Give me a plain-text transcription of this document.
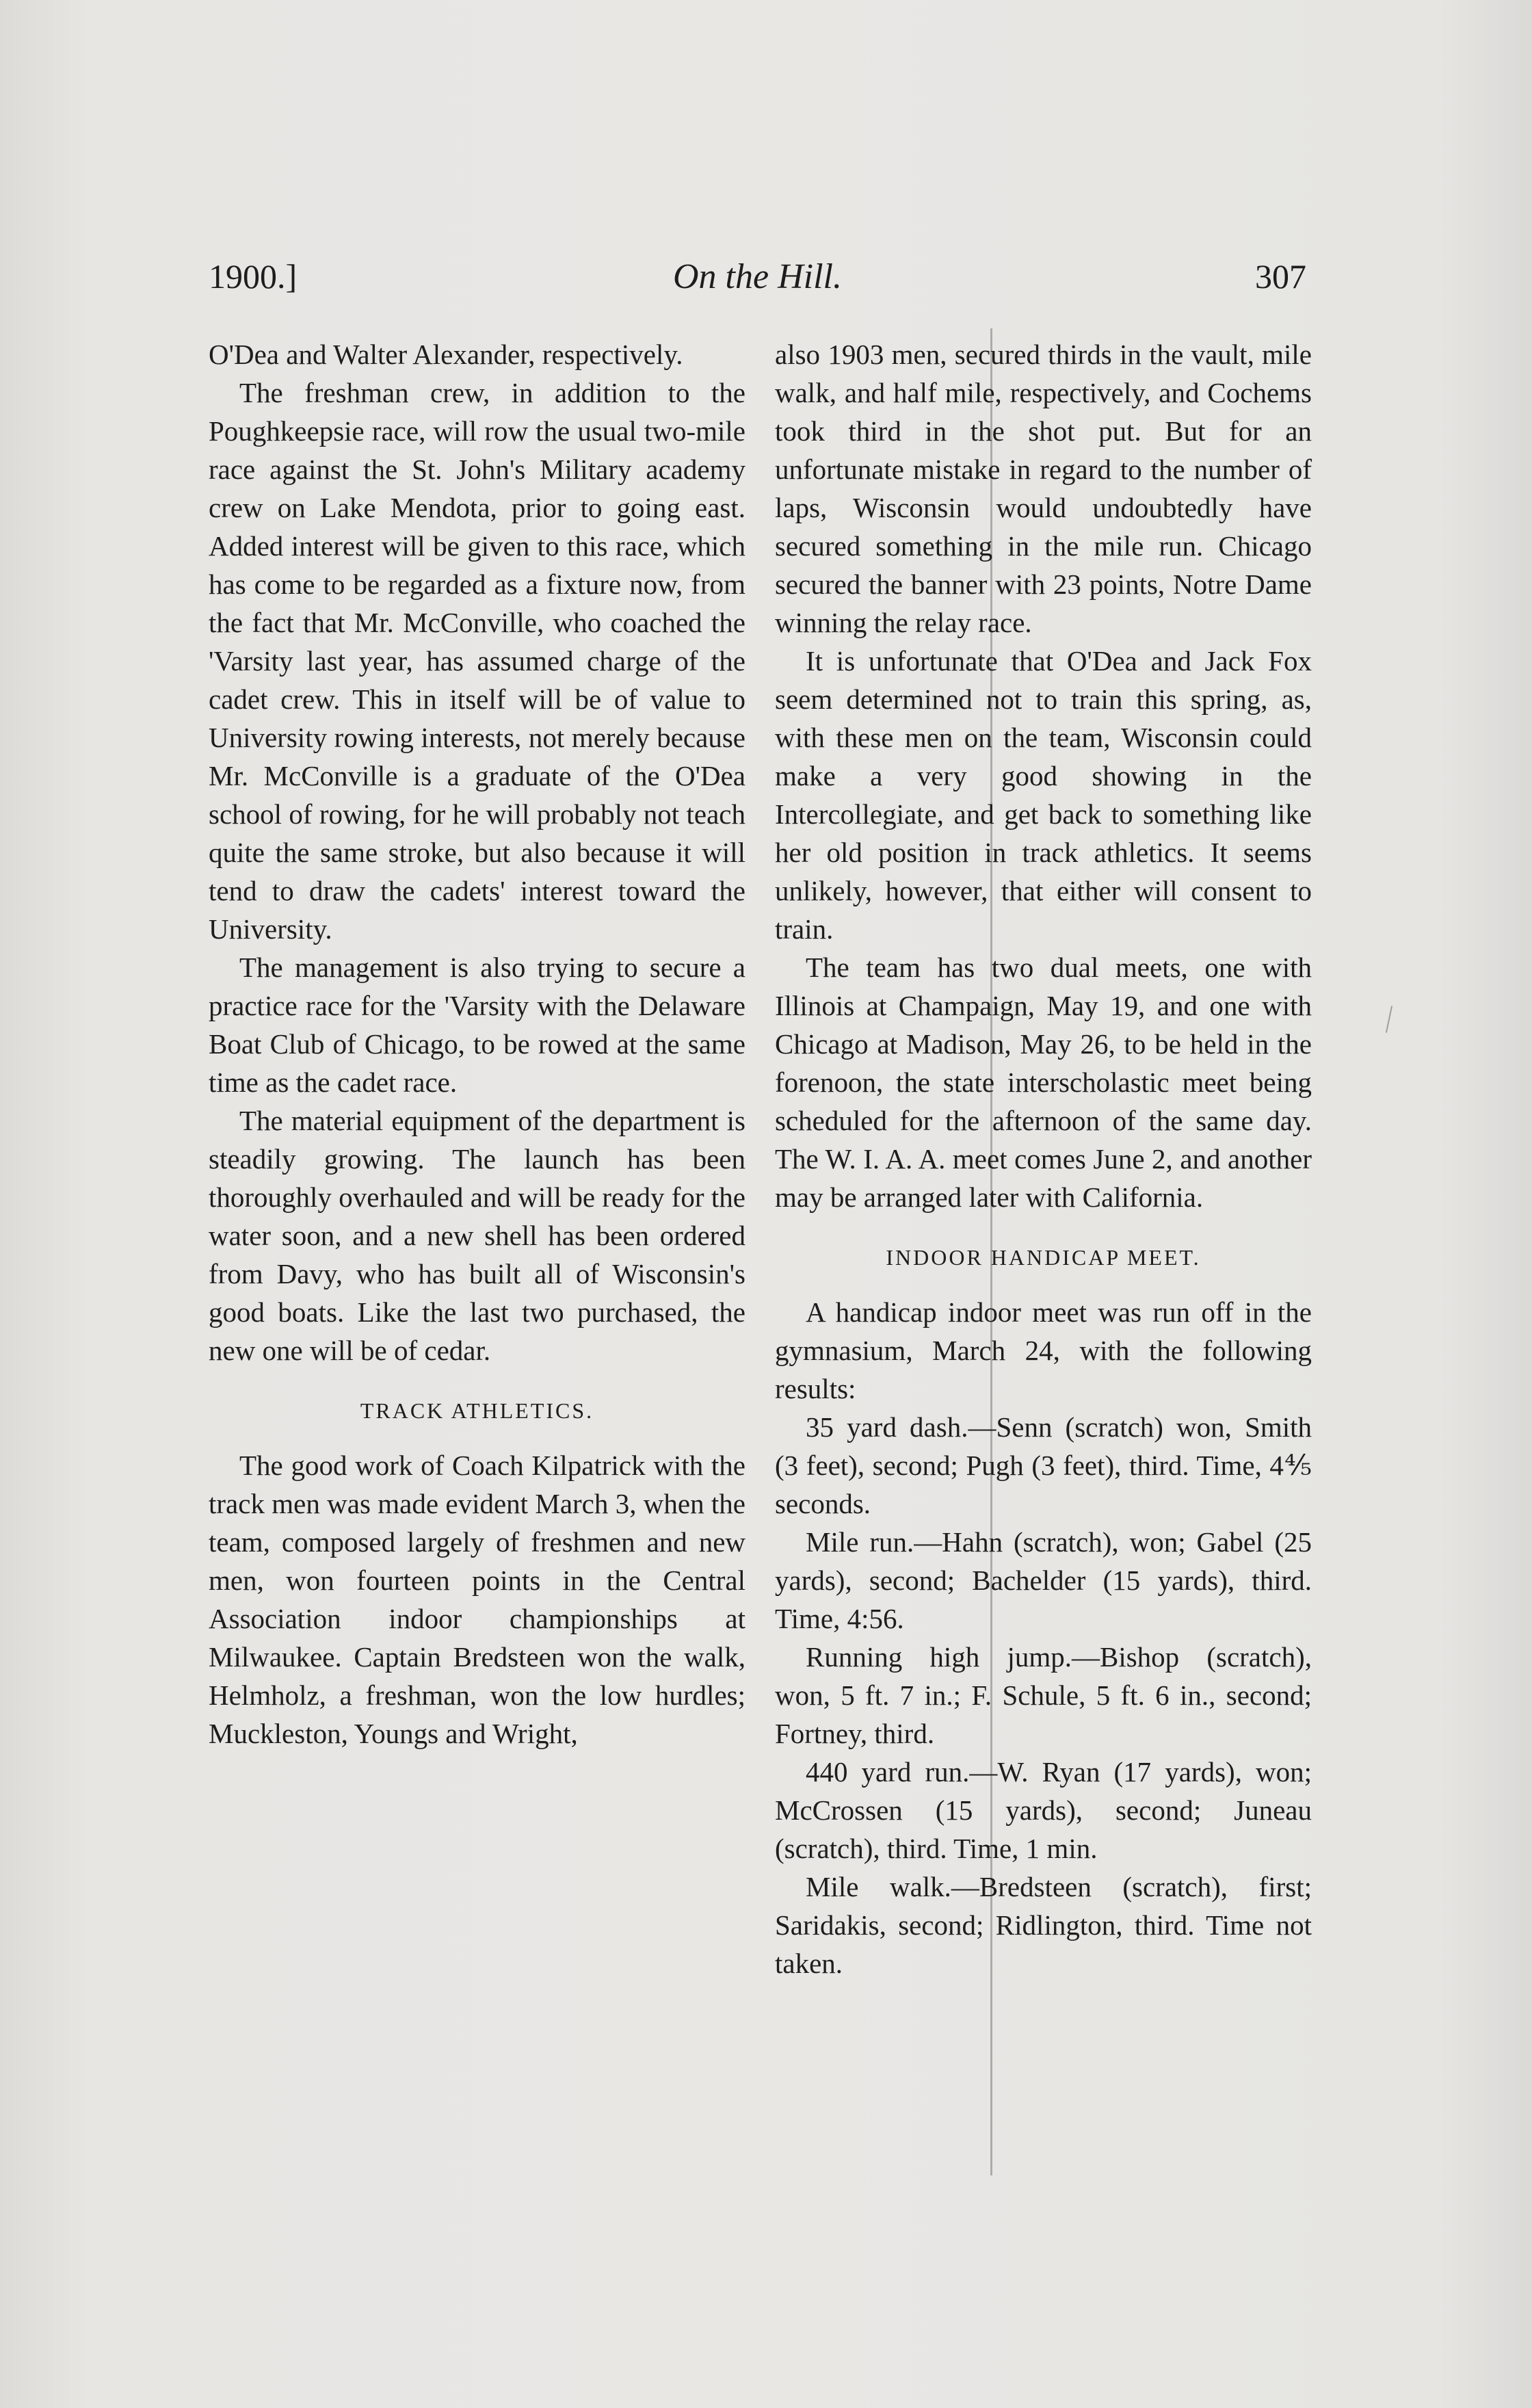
1900.]	On the Hill.	307

O'Dea and Walter Alexander, respectively.

The freshman crew, in addition to the Poughkeepsie race, will row the usual two-mile race against the St. John's Military academy crew on Lake Mendota, prior to going east. Added interest will be given to this race, which has come to be regarded as a fixture now, from the fact that Mr. McConville, who coached the 'Varsity last year, has assumed charge of the cadet crew. This in itself will be of value to University rowing interests, not merely because Mr. McConville is a graduate of the O'Dea school of rowing, for he will probably not teach quite the same stroke, but also because it will tend to draw the cadets' interest toward the University.

The management is also trying to secure a practice race for the 'Varsity with the Delaware Boat Club of Chicago, to be rowed at the same time as the cadet race.

The material equipment of the department is steadily growing. The launch has been thoroughly overhauled and will be ready for the water soon, and a new shell has been ordered from Davy, who has built all of Wisconsin's good boats. Like the last two purchased, the new one will be of cedar.

TRACK ATHLETICS.

The good work of Coach Kilpatrick with the track men was made evident March 3, when the team, composed largely of freshmen and new men, won fourteen points in the Central Association indoor championships at Milwaukee. Captain Bredsteen won the walk, Helmholz, a freshman, won the low hurdles; Muckleston, Youngs and Wright,

also 1903 men, secured thirds in the vault, mile walk, and half mile, respectively, and Cochems took third in the shot put. But for an unfortunate mistake in regard to the number of laps, Wisconsin would undoubtedly have secured something in the mile run. Chicago secured the banner with 23 points, Notre Dame winning the relay race.

It is unfortunate that O'Dea and Jack Fox seem determined not to train this spring, as, with these men on the team, Wisconsin could make a very good showing in the Intercollegiate, and get back to something like her old position in track athletics. It seems unlikely, however, that either will consent to train.

The team has two dual meets, one with Illinois at Champaign, May 19, and one with Chicago at Madison, May 26, to be held in the forenoon, the state interscholastic meet being scheduled for the afternoon of the same day. The W. I. A. A. meet comes June 2, and another may be arranged later with California.

INDOOR HANDICAP MEET.

A handicap indoor meet was run off in the gymnasium, March 24, with the following results:

35 yard dash.—Senn (scratch) won, Smith (3 feet), second; Pugh (3 feet), third. Time, 4⅘ seconds.

Mile run.—Hahn (scratch), won; Gabel (25 yards), second; Bachelder (15 yards), third. Time, 4:56.

Running high jump.—Bishop (scratch), won, 5 ft. 7 in.; F. Schule, 5 ft. 6 in., second; Fortney, third.

440 yard run.—W. Ryan (17 yards), won; McCrossen (15 yards), second; Juneau (scratch), third. Time, 1 min.

Mile walk.—Bredsteen (scratch), first; Saridakis, second; Ridlington, third. Time not taken.
